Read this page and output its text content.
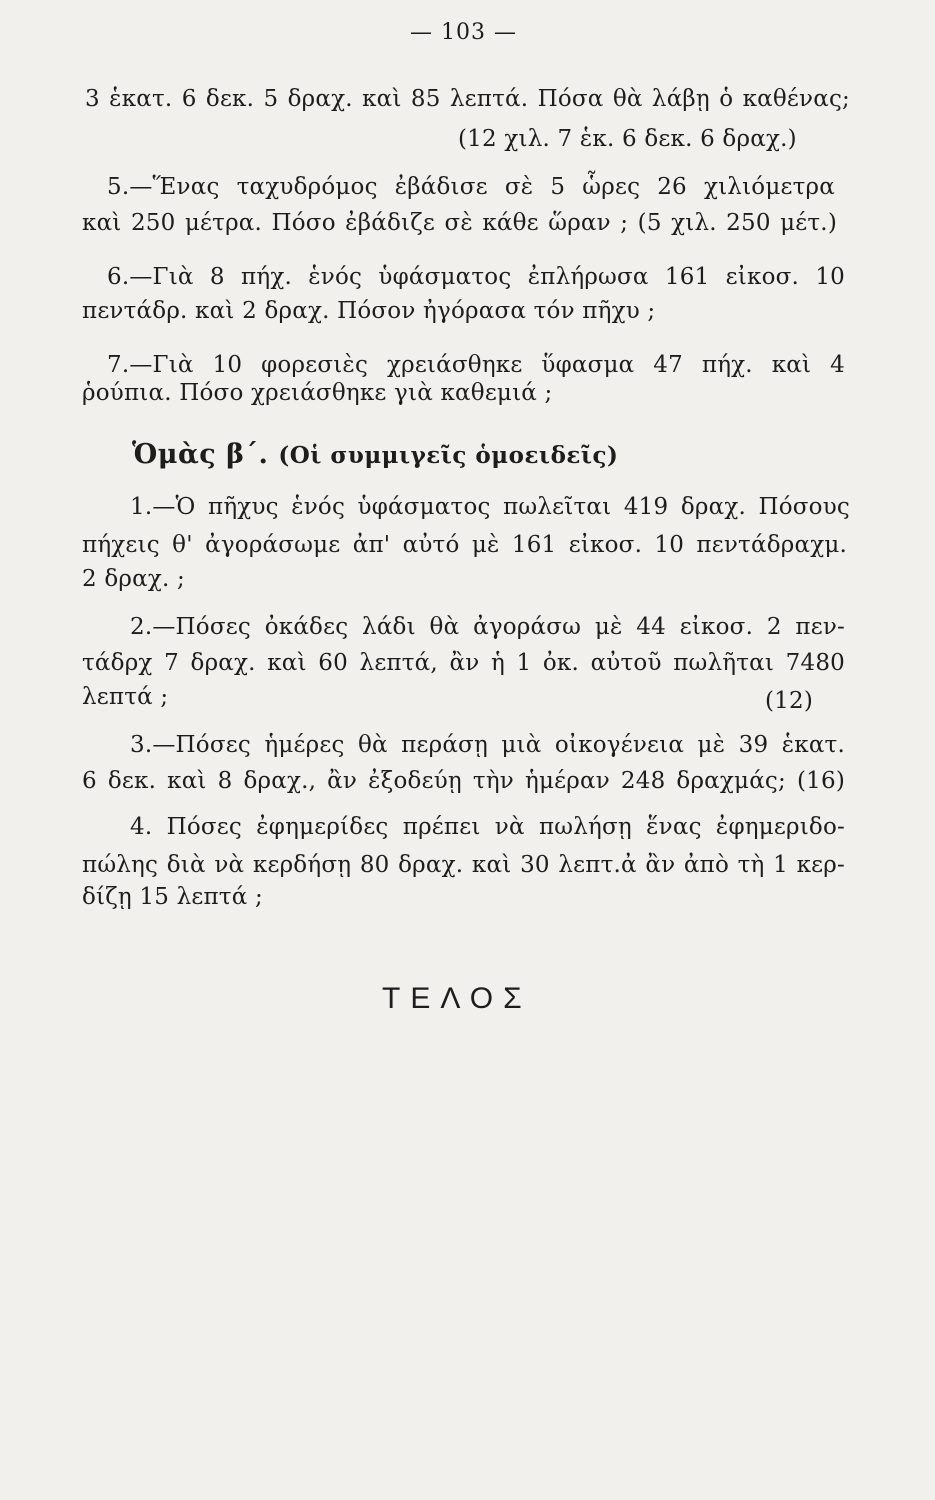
— 103 —
3 ἑκατ. 6 δεκ. 5 δραχ. καὶ 85 λεπτά. Πόσα θὰ λάβῃ ὁ καθένας;
(12 χιλ. 7 ἑκ. 6 δεκ. 6 δραχ.)
5.—Ἕνας ταχυδρόμος ἐβάδισε σὲ 5 ὧρες 26 χιλιόμετρα
καὶ 250 μέτρα. Πόσο ἐβάδιζε σὲ κάθε ὥραν ; (5 χιλ. 250 μέτ.)
6.—Γιὰ 8 πήχ. ἑνός ὑφάσματος ἐπλήρωσα 161 εἰκοσ. 10
πεντάδρ. καὶ 2 δραχ. Πόσον ἠγόρασα τόν πῆχυ ;
7.—Γιὰ 10 φορεσιὲς χρειάσθηκε ὕφασμα 47 πήχ. καὶ 4
ῥούπια. Πόσο χρειάσθηκε γιὰ καθεμιά ;
Ὁμὰς β΄. (Οἱ συμμιγεῖς ὁμοειδεῖς)
1.—Ὁ πῆχυς ἑνός ὑφάσματος πωλεῖται 419 δραχ. Πόσους
πήχεις θ' ἀγοράσωμε ἀπ' αὐτό μὲ 161 εἰκοσ. 10 πεντάδραχμ.
2 δραχ. ;
2.—Πόσες ὀκάδες λάδι θὰ ἀγοράσω μὲ 44 εἰκοσ. 2 πεν-
τάδρχ 7 δραχ. καὶ 60 λεπτά, ἂν ἡ 1 ὀκ. αὐτοῦ πωλῆται 7480
λεπτά ;	(12)
3.—Πόσες ἡμέρες θὰ περάσῃ μιὰ οἰκογένεια μὲ 39 ἑκατ.
6 δεκ. καὶ 8 δραχ., ἂν ἐξοδεύῃ τὴν ἡμέραν 248 δραχμάς; (16)
4. Πόσες ἐφημερίδες πρέπει νὰ πωλήσῃ ἕνας ἐφημεριδο-
πώλης διὰ νὰ κερδήσῃ 80 δραχ. καὶ 30 λεπτ.ἀ ἂν ἀπὸ τὴ 1 κερ-
δίζῃ 15 λεπτά ;
ΤΕΛΟΣ
